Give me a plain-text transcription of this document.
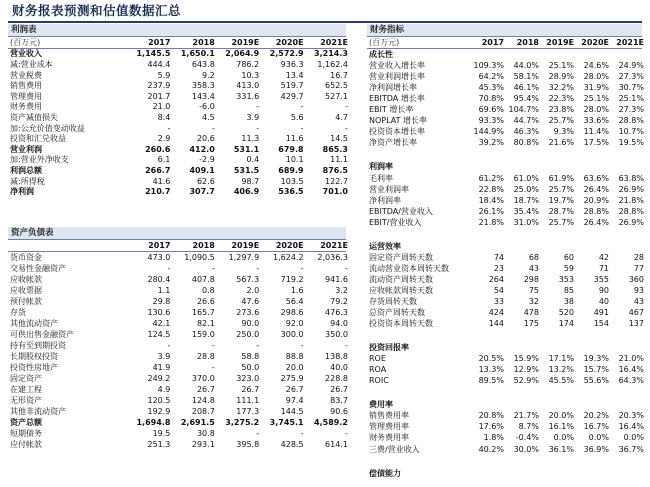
财务报表预测和估值数据汇总
利润表
(百万元)	2017	2018	2019E	2020E	2021E
营业收入	1,145.5	1,650.1	2,064.9	2,572.9	3,214.3
减:营业成本	444.4	643.8	786.2	936.3	1,162.4
营业税费	5.9	9.2	10.3	13.4	16.7
销售费用	237.9	358.3	413.0	519.7	652.5
管理费用	201.7	143.4	331.6	429.7	527.1
财务费用	21.0	-6.0	-	-	-
资产减值损失	8.4	4.5	3.9	5.6	4.7
加:公允价值变动收益	-	-	-	-	-
投资和汇兑收益	2.9	20.6	11.3	11.6	14.5
营业利润	260.6	412.0	531.1	679.8	865.3
加:营业外净收支	6.1	-2.9	0.4	10.1	11.1
利润总额	266.7	409.1	531.5	689.9	876.5
减:所得税	41.6	62.6	98.7	103.5	122.7
净利润	210.7	307.7	406.9	536.5	701.0
资产负债表
2017	2018	2019E	2020E	2021E
货币资金	473.0	1,090.5	1,297.9	1,624.2	2,036.3
交易性金融资产	-	-	-	-	-
应收帐款	280.4	407.8	567.3	719.2	941.6
应收票据	1.1	0.8	2.0	1.6	3.2
预付帐款	29.8	26.6	47.6	56.4	79.2
存货	130.6	165.7	273.6	298.6	476.3
其他流动资产	42.1	82.1	90.0	92.0	94.0
可供出售金融资产	124.5	159.0	250.0	300.0	350.0
持有至到期投资	-	-	-	-	-
长期股权投资	3.9	28.8	58.8	88.8	138.8
投资性房地产	41.9	-	50.0	20.0	40.0
固定资产	249.2	370.0	323.0	275.9	228.8
在建工程	4.9	26.7	26.7	26.7	26.7
无形资产	120.5	124.8	111.1	97.4	83.7
其他非流动资产	192.9	208.7	177.3	144.5	90.6
资产总额	1,694.8	2,691.5	3,275.2	3,745.1	4,589.2
短期债务	19.5	30.8	-	-	-
应付帐款	251.3	293.1	395.8	428.5	614.1
财务指标
(百万元)	2017	2018 2019E 2020E 2021E
成长性
营业收入增长率	109.3%	44.0%	25.1%	24.6%	24.9%
营业利润增长率	64.2%	58.1%	28.9%	28.0%	27.3%
净利润增长率	45.3%	46.1%	32.2%	31.9%	30.7%
EBITDA 增长率	70.8%	95.4%	22.3%	25.1%	25.1%
EBIT 增长率	69.6% 104.7%	23.8%	28.0%	27.3%
NOPLAT 增长率	93.3%	44.7%	25.7%	33.6%	28.8%
投资资本增长率	144.9%	46.3%	9.3%	11.4%	10.7%
净资产增长率	39.2%	80.8%	21.6%	17.5%	19.5%
利润率
毛利率	61.2%	61.0%	61.9%	63.6%	63.8%
营业利润率	22.8%	25.0%	25.7%	26.4%	26.9%
净利润率	18.4%	18.7%	19.7%	20.9%	21.8%
EBITDA/营业收入	26.1%	35.4%	28.7%	28.8%	28.8%
EBIT/营业收入	21.8%	31.0%	25.7%	26.4%	26.9%
运营效率
固定资产周转天数	74	68	60	42	28
流动营业资本周转天数	23	43	59	71	77
流动资产周转天数	264	298	353	355	360
应收帐款周转天数	54	75	85	90	93
存货周转天数	33	32	38	40	43
总资产周转天数	424	478	520	491	467
投资资本周转天数	144	175	174	154	137
投资回报率
ROE	20.5%	15.9%	17.1%	19.3%	21.0%
ROA	13.3%	12.9%	13.2%	15.7%	16.4%
ROIC	89.5%	52.9%	45.5%	55.6%	64.3%
费用率
销售费用率	20.8%	21.7%	20.0%	20.2%	20.3%
管理费用率	17.6%	8.7%	16.1%	16.7%	16.4%
财务费用率	1.8%	-0.4%	0.0%	0.0%	0.0%
三费/营业收入	40.2%	30.0%	36.1%	36.9%	36.7%
偿债能力
